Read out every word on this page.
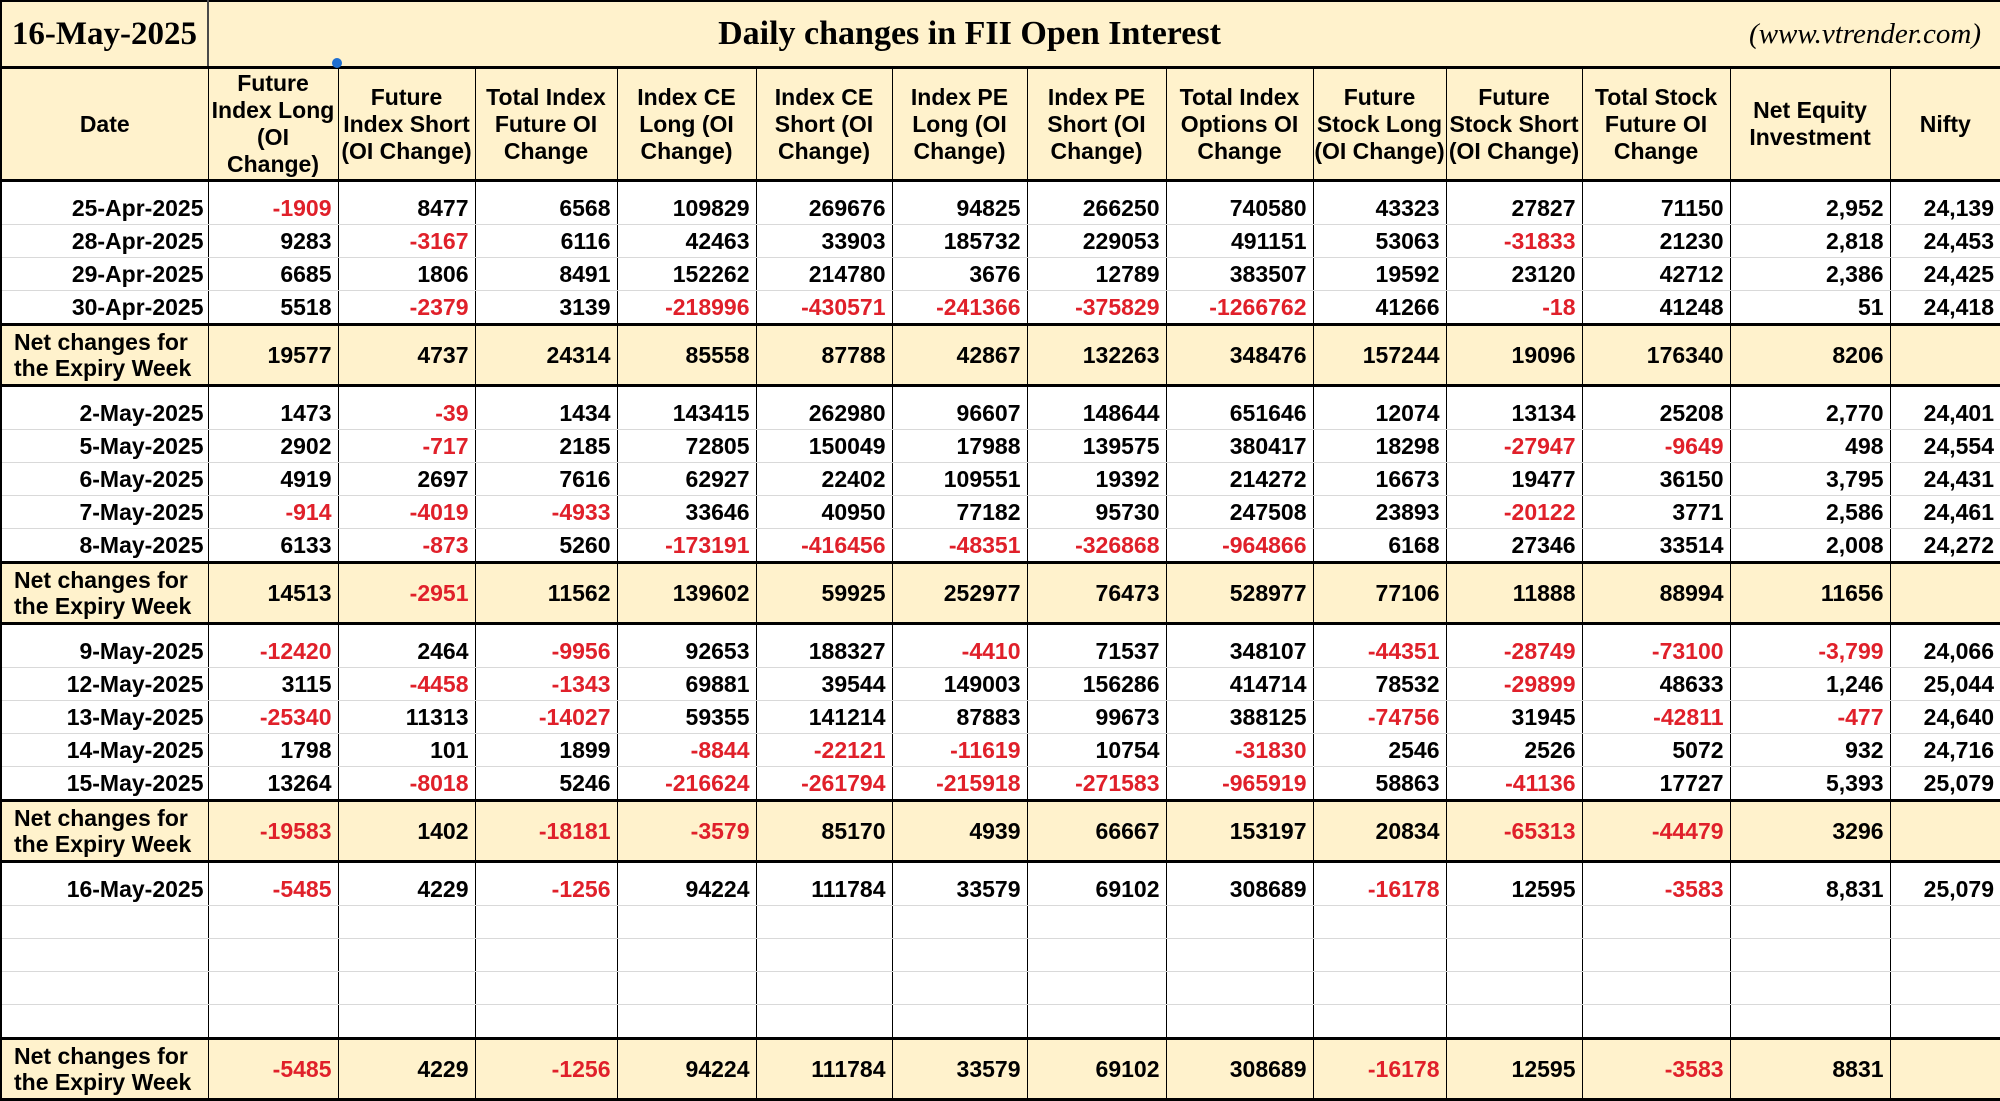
16-May-2025	Daily changes in FII Open Interest											(www.vtrender.com)	
Date	Future Index Long (OI Change)	Future Index Short (OI Change)	Total Index Future OI Change	Index CE Long (OI Change)	Index CE Short (OI Change)	Index PE Long (OI Change)	Index PE Short (OI Change)	Total Index Options OI Change	Future Stock Long (OI Change)	Future Stock Short (OI Change)	Total Stock Future OI Change	Net Equity Investment	Nifty

25-Apr-2025	-1909	8477	6568	109829	269676	94825	266250	740580	43323	27827	71150	2,952	24,139
28-Apr-2025	9283	-3167	6116	42463	33903	185732	229053	491151	53063	-31833	21230	2,818	24,453
29-Apr-2025	6685	1806	8491	152262	214780	3676	12789	383507	19592	23120	42712	2,386	24,425
30-Apr-2025	5518	-2379	3139	-218996	-430571	-241366	-375829	-1266762	41266	-18	41248	51	24,418
Net changes for the Expiry Week	19577	4737	24314	85558	87788	42867	132263	348476	157244	19096	176340	8206	

2-May-2025	1473	-39	1434	143415	262980	96607	148644	651646	12074	13134	25208	2,770	24,401
5-May-2025	2902	-717	2185	72805	150049	17988	139575	380417	18298	-27947	-9649	498	24,554
6-May-2025	4919	2697	7616	62927	22402	109551	19392	214272	16673	19477	36150	3,795	24,431
7-May-2025	-914	-4019	-4933	33646	40950	77182	95730	247508	23893	-20122	3771	2,586	24,461
8-May-2025	6133	-873	5260	-173191	-416456	-48351	-326868	-964866	6168	27346	33514	2,008	24,272
Net changes for the Expiry Week	14513	-2951	11562	139602	59925	252977	76473	528977	77106	11888	88994	11656	

9-May-2025	-12420	2464	-9956	92653	188327	-4410	71537	348107	-44351	-28749	-73100	-3,799	24,066
12-May-2025	3115	-4458	-1343	69881	39544	149003	156286	414714	78532	-29899	48633	1,246	25,044
13-May-2025	-25340	11313	-14027	59355	141214	87883	99673	388125	-74756	31945	-42811	-477	24,640
14-May-2025	1798	101	1899	-8844	-22121	-11619	10754	-31830	2546	2526	5072	932	24,716
15-May-2025	13264	-8018	5246	-216624	-261794	-215918	-271583	-965919	58863	-41136	17727	5,393	25,079
Net changes for the Expiry Week	-19583	1402	-18181	-3579	85170	4939	66667	153197	20834	-65313	-44479	3296	

16-May-2025	-5485	4229	-1256	94224	111784	33579	69102	308689	-16178	12595	-3583	8,831	25,079

Net changes for the Expiry Week	-5485	4229	-1256	94224	111784	33579	69102	308689	-16178	12595	-3583	8831	
